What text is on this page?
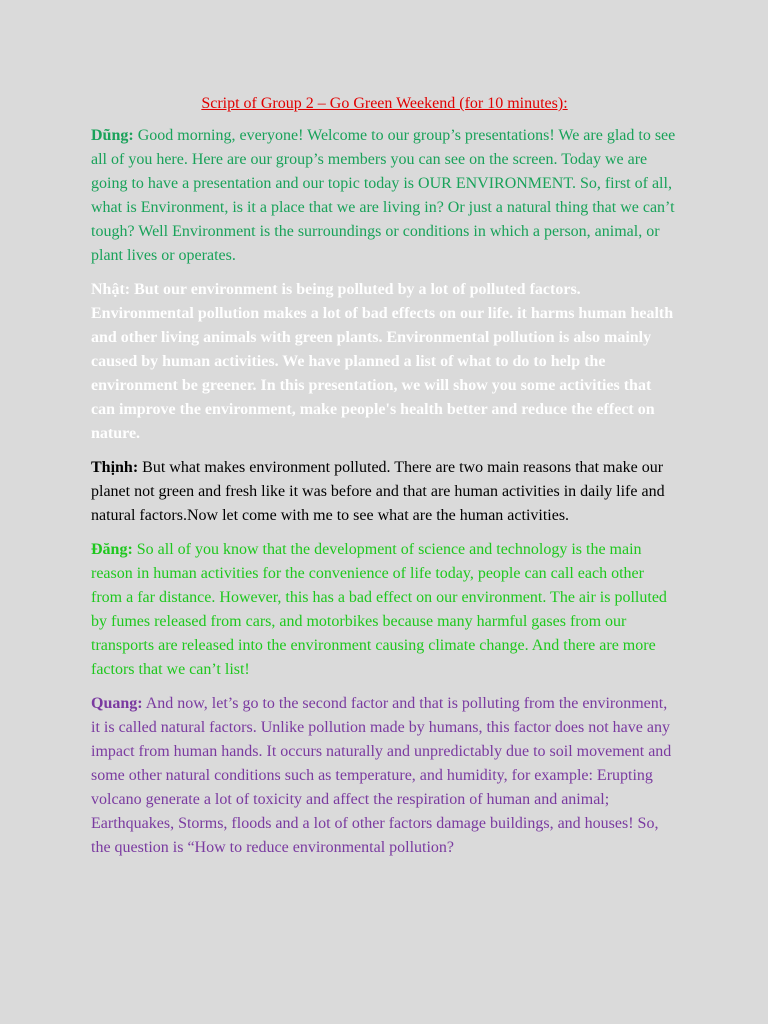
Script of Group 2 – Go Green Weekend (for 10 minutes):

Dũng: Good morning, everyone! Welcome to our group’s presentations! We are glad to see all of you here. Here are our group’s members you can see on the screen. Today we are going to have a presentation and our topic today is OUR ENVIRONMENT. So, first of all, what is Environment, is it a place that we are living in? Or just a natural thing that we can’t tough? Well Environment is the surroundings or conditions in which a person, animal, or plant lives or operates.

Nhật: But our environment is being polluted by a lot of polluted factors. Environmental pollution makes a lot of bad effects on our life. it harms human health and other living animals with green plants. Environmental pollution is also mainly caused by human activities. We have planned a list of what to do to help the environment be greener. In this presentation, we will show you some activities that can improve the environment, make people's health better and reduce the effect on nature.

Thịnh: But what makes environment polluted. There are two main reasons that make our planet not green and fresh like it was before and that are human activities in daily life and natural factors.Now let come with me to see what are the human activities.

Đăng: So all of you know that the development of science and technology is the main reason in human activities for the convenience of life today, people can call each other from a far distance. However, this has a bad effect on our environment. The air is polluted by fumes released from cars, and motorbikes because many harmful gases from our transports are released into the environment causing climate change. And there are more factors that we can’t list!

Quang: And now, let’s go to the second factor and that is polluting from the environment, it is called natural factors. Unlike pollution made by humans, this factor does not have any impact from human hands. It occurs naturally and unpredictably due to soil movement and some other natural conditions such as temperature, and humidity, for example: Erupting volcano generate a lot of toxicity and affect the respiration of human and animal; Earthquakes, Storms, floods and a lot of other factors damage buildings, and houses! So, the question is “How to reduce environmental pollution?
